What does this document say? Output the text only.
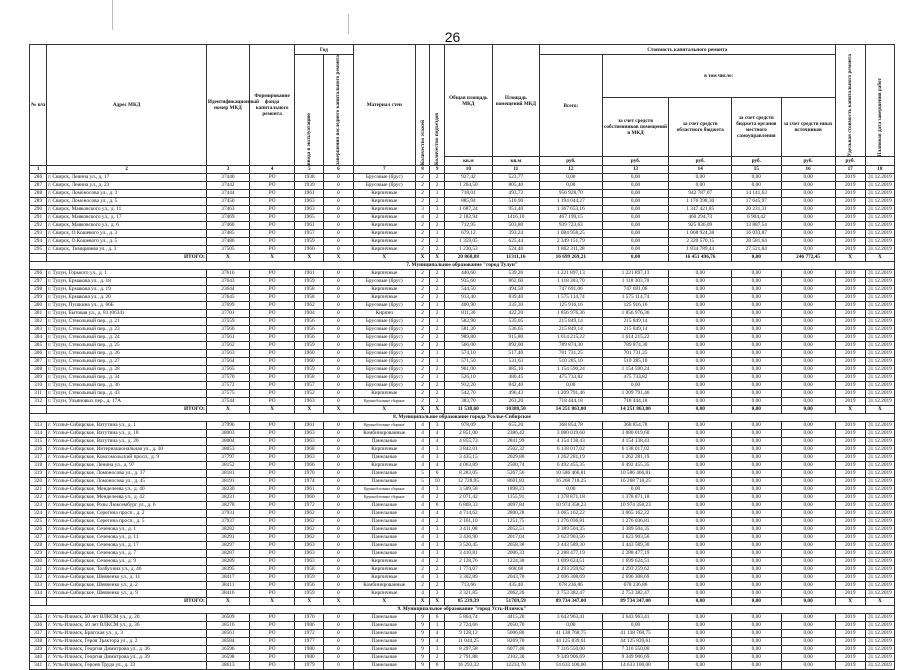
26
№ п/п	Адрес МКД	Идентификационный номер МКД	Формирование фонда капитального ремонта	Год		Материал стен	Количество этажей	Количество подъездов	Общая площадь МКД	Площадь помещений МКД	Стоимость капитального ремонта					Удельная стоимость капитального ремонта	Плановая дата завершения работ

				ввода в эксплуатацию	завершения последнего капитального ремонта						Всего:	в том числе:					
												за счет средств собственников помещений в МКД	за счет средств областного бюджета	за счет средств бюджета органов местного самоуправления	за счет средств иных источников		
									кв.м	кв.м	руб.	руб.	руб.	руб.	руб.	руб.	
1	2	3	4	5	6	7	8	9	10	11	12	13	14	15	16	17	18
286	г. Свирск, Ленина ул., д. 17	37440	РО	1938	0	Брусовые (брус)	2	2	927,42	523,77	0,00	0,00	0,00	0,00	0,00	2019	31.12.2019
287	г. Свирск, Ленина ул., д. 23	37442	РО	1939	0	Брусовые (брус)	2	2	1 264,50	805,40	0,00	0,00	0,00	0,00	0,00	2019	31.12.2019
288	г. Свирск, Ломоносова ул., д. 3	37444	РО	1961	0	Кирпичные	2	1	718,01	493,72	956 928,70	0,00	942 787,07	14 141,63	0,00	2019	31.12.2019
289	г. Свирск, Ломоносова ул., д. 5	37450	РО	1963	0	Кирпичные	2	2	885,94	510,90	1 194 044,27	0,00	1 176 398,30	17 645,97	0,00	2019	31.12.2019
290	г. Свирск, Маяковского ул., д. 11	37463	РО	1963	0	Кирпичные	3	3	1 687,24	951,40	1 367 653,16	0,00	1 347 421,85	20 231,31	0,00	2019	31.12.2019
291	г. Свирск, Маяковского ул., д. 17	37469	РО	1965	0	Кирпичные	4	2	2 182,94	1416,10	467 199,15	0,00	460 294,73	6 904,42	0,00	2019	31.12.2019
292	г. Свирск, Маяковского ул., д. 6	37460	РО	1961	0	Кирпичные	2	2	712,95	503,80	939 723,63	0,00	925 836,09	13 887,54	0,00	2019	31.12.2019
293	г. Свирск, О.Кошевого ул., д. 3	37485	РО	1957	0	Кирпичные	2	1	679,12	393,24	1 084 958,25	0,00	1 068 924,38	16 033,87	0,00	2019	31.12.2019
294	г. Свирск, О.Кошевого ул., д. 5	37486	РО	1959	0	Кирпичные	2	2	1 359,05	625,44	2 349 151,79	0,00	2 320 570,15	28 581,64	0,00	2019	31.12.2019
295	г. Свирск, Тимирязева ул., д. 3	37505	РО	1960	0	Кирпичные	2	2	1 230,53	524,40	1 862 311,28	0,00	1 834 789,44	27 521,84	0,00	2019	31.12.2019
	ИТОГО:	X	X	X	X	X	X	X	20 868,88	11311,16	16 699 269,21	0,00	16 451 496,76	0,00	246 772,45	X	X
7. Муниципальное образование "город Тулун"																	
296	г. Тулун, Горького ул., д. 1	37616	РО	1961	0	Кирпичные	2	2	440,60	539,20	1 221 897,13	1 221 897,13	0,00	0,00	0,00	2019	31.12.2019
297	г. Тулун, Ермакова ул., д. 18	37643	РО	1959	0	Брусовые (брус)	2	2	935,60	862,60	1 118 303,70	1 118 303,70	0,00	0,00	0,00	2019	31.12.2019
298	г. Тулун, Ермакова ул., д. 19	23644	РО	1958	0	Кирпичные	2	2	544,50	494,50	747 691,06	747 691,06	0,00	0,00	0,00	2019	31.12.2019
299	г. Тулун, Ермакова ул., д. 20	37645	РО	1958	0	Кирпичные	2	2	913,40	839,40	1 575 114,74	1 575 114,74	0,00	0,00	0,00	2019	31.12.2019
300	г. Тулун, Пушкина ул., д. 66Б	37699	РО	1962	0	Брусовые (брус)	2	1	400,90	335,30	125 916,16	125 916,16	0,00	0,00	0,00	2019	31.12.2019
301	г. Тулун, Бытовая ул., д. 81 (0634)	37701	РО	1904	0	Кирпич	2	2	811,30	422,20	1 856 976,36	1 856 976,36	0,00	0,00	0,00	2019	31.12.2019
302	г. Тулун, Стекольный пер., д. 21	37559	РО	1956	0	Брусовые (брус)	2	1	582,90	535,05	215 849,14	215 849,14	0,00	0,00	0,00	2019	31.12.2019
303	г. Тулун, Стекольный пер., д. 23	37560	РО	1956	0	Брусовые (брус)	2	2	581,30	536,65	215 849,14	215 849,14	0,00	0,00	0,00	2019	31.12.2019
304	г. Тулун, Стекольный пер., д. 24	37561	РО	1956	0	Брусовые (брус)	2	2	989,80	915,80	1 614 215,22	1 614 215,22	0,00	0,00	0,00	2019	31.12.2019
305	г. Тулун, Стекольный пер., д. 25	37562	РО	1959	0	Брусовые (брус)	2	2	566,00	892,00	789 874,30	789 874,30	0,00	0,00	0,00	2019	31.12.2019
306	г. Тулун, Стекольный пер., д. 26	37563	РО	1960	0	Брусовые (брус)	2	1	574,10	517,40	701 731,25	701 731,25	0,00	0,00	0,00	2019	31.12.2019
307	г. Тулун, Стекольный пер., д. 27	37564	РО	1960	0	Брусовые (брус)	2	1	571,50	531,63	510 285,10	510 285,10	0,00	0,00	0,00	2019	31.12.2019
308	г. Тулун, Стекольный пер., д. 28	37565	РО	1959	0	Брусовые (брус)	2	2	961,00	885,10	1 154 590,24	1 154 590,24	0,00	0,00	0,00	2019	31.12.2019
309	г. Тулун, Стекольный пер., д. 34	37570	РО	1958	0	Брусовые (брус)	2	1	526,10	480,45	475 733,82	475 733,82	0,00	0,00	0,00	2019	31.12.2019
310	г. Тулун, Стекольный пер., д. 36	37572	РО	1957	0	Брусовые (брус)	2	2	912,20	842,40	0,00	0,00	0,00	0,00	0,00	2019	31.12.2019
311	г. Тулун, Стекольный пер., д. 43	37575	РО	1952	0	Кирпичные	2	2	542,70	496,43	1 209 791,46	1 209 791,46	0,00	0,00	0,00	2019	31.12.2019
312	г. Тулун, Ульяновых пер., д. 17А	37544	РО	1963	0	Крупноблочные сборные	2	2	383,70	263,20	718 444,18	718 444,18	0,00	0,00	0,00	2019	31.12.2019
	ИТОГО:	X	X	X	X	X	X	X	11 538,60	10380,50	14 251 863,00	14 251 863,00	0,00	0,00	0,00	X	X
8. Муниципальное образование города Усолье-Сибирское																	
313	г. Усолье-Сибирское, Ватутина ул., д. 1	37996	РО	1961	0	Крупноблочные сборные	4	3	978,09	655,20	368 854,78	368 854,78	0,00	0,00	0,00	2019	31.12.2019
314	г. Усолье-Сибирское, Ватутина ул., д. 18	38003	РО	1963	0	Комбинированные	4	4	2 851,00	2386,42	3 080 019,60	3 080 019,60	0,00	0,00	0,00	2019	31.12.2019
315	г. Усолье-Сибирское, Ватутина ул., д. 20	38004	РО	1963	0	Панельные	4	4	4 855,73	2841,99	4 154 138,43	4 154 138,43	0,00	0,00	0,00	2019	31.12.2019
316	г. Усолье-Сибирское, Интернациональная ул., д. 30	38053	РО	1968	0	Кирпичные	4	3	3 842,01	2502,32	6 138 017,02	6 138 017,02	0,00	0,00	0,00	2019	31.12.2019
317	г. Усолье-Сибирское, Комсомольский просп., д. 9	37797	РО	1963	0	Панельные	4	3	3 435,15	2029,86	1 262 281,19	1 262 281,19	0,00	0,00	0,00	2019	31.12.2019
318	г. Усолье-Сибирское, Ленина ул., д. 97	38152	РО	1966	0	Кирпичные	4	4	4 063,89	2500,74	6 492 455,35	6 492 455,35	0,00	0,00	0,00	2019	31.12.2019
319	г. Усолье-Сибирское, Ломоносова ул., д. 37	38181	РО	1970	0	Панельные	5	6	8 283,05	5267,56	10 586 466,81	10 586 466,81	0,00	0,00	0,00	2019	31.12.2019
320	г. Усолье-Сибирское, Ломоносова ул., д. 45	38191	РО	1974	0	Панельные	5	10	12 728,95	8601,83	16 268 718,25	16 268 718,25	0,00	0,00	0,00	2019	31.12.2019
321	г. Усолье-Сибирское, Менделеева ул., д. 40	38230	РО	1961	0	Крупноблочные сборные	4	3	3 509,58	1898,23	0,00	0,00	0,00	0,00	0,00	2019	31.12.2019
322	г. Усолье-Сибирское, Менделеева ул., д. 42	38231	РО	1960	0	Крупноблочные сборные	4	2	2 071,42	1155,91	1 378 871,18	1 378 871,18	0,00	0,00	0,00	2019	31.12.2019
323	г. Усолье-Сибирское, Розы Люксембург ул., д. 6	38278	РО	1972	0	Панельные	4	6	6 869,33	4097,84	10 974 358,23	10 974 358,23	0,00	0,00	0,00	2019	31.12.2019
324	г. Усолье-Сибирское, Серегина просп., д. 2	37931	РО	1962	0	Панельные	4	4	4 714,62	2800,28	3 065 162,22	3 065 162,22	0,00	0,00	0,00	2019	31.12.2019
325	г. Усолье-Сибирское, Серегина просп., д. 5	37937	РО	1962	0	Панельные	4	2	2 161,10	1251,75	1 276 036,81	1 276 036,81	0,00	0,00	0,00	2019	31.12.2019
326	г. Усолье-Сибирское, Сеченова ул., д. 1	38282	РО	1962	0	Панельные	4	3	3 411,08	2052,51	3 389 504,35	3 389 504,35	0,00	0,00	0,00	2019	31.12.2019
327	г. Усолье-Сибирское, Сеченова ул., д. 11	38291	РО	1962	0	Панельные	4	3	3 436,90	2017,04	3 623 903,56	3 623 903,56	0,00	0,00	0,00	2019	31.12.2019
328	г. Усолье-Сибирское, Сеченова ул., д. 17	38297	РО	1963	0	Панельные	4	3	3 520,45	2058,38	3 443 589,30	3 443 589,30	0,00	0,00	0,00	2019	31.12.2019
329	г. Усолье-Сибирское, Сеченова ул., д. 7	38287	РО	1963	0	Панельные	4	3	3 410,81	2006,33	2 288 477,19	2 288 477,19	0,00	0,00	0,00	2019	31.12.2019
330	г. Усолье-Сибирское, Сеченова ул., д. 9	38289	РО	1963	0	Кирпичные	4	2	2 128,76	1224,38	1 699 624,51	1 699 624,51	0,00	0,00	0,00	2019	31.12.2019
331	г. Усолье-Сибирское, Толбухина ул., д. 46	38395	РО	1958	0	Кирпичные	2	2	1 774,07	668,68	4 293 259,62	4 293 259,62	0,00	0,00	0,00	2019	31.12.2019
332	г. Усолье-Сибирское, Шевченко ул., д. 11	38417	РО	1959	0	Кирпичные	4	3	3 302,89	2043,70	2 696 308,69	2 696 308,69	0,00	0,00	0,00	2019	31.12.2019
333	г. Усолье-Сибирское, Шевченко ул., д. 2	38411	РО	1956	0	Комбинированные	2	2	713,66	435,40	678 236,86	678 236,86	0,00	0,00	0,00	2019	31.12.2019
334	г. Усолье-Сибирское, Шевченко ул., д. 9	38416	РО	1959	0	Кирпичные	4	3	3 321,85	2062,26	2 753 382,47	2 753 382,47	0,00	0,00	0,00	2019	31.12.2019
	ИТОГО:	X	X	X	X	X	X	X	85 239,39	51769,59	89 734 347,00	89 734 347,00	0,00	0,00	0,00	X	X
9. Муниципальное образование "город Усть-Илимск"																	
335	г. Усть-Илимск, 50 лет ВЛКСМ ул., д. 20	36509	РО	1970	0	Панельные	9	6	5 864,74	4415,20	3 643 963,41	3 643 963,41	0,00	0,00	0,00	2019	31.12.2019
336	г. Усть-Илимск, 50 лет ВЛКСМ ул., д. 36	38516	РО	1986	0	Панельные	9	1	2 724,66	2050,70	0,00	0,00	0,00	0,00	0,00	2019	31.12.2019
337	г. Усть-Илимск, Братская ул., д. 3	38561	РО	1972	0	Панельные	9	4	9 128,12	5006,80	41 138 768,75	41 138 768,75	0,00	0,00	0,00	2019	31.12.2019
338	г. Усть-Илимск, Героя Трактора ул., д. 2	38584	РО	1977	0	Панельные	9	4	11 044,25	8209,70	44 125 839,61	44 125 839,61	0,00	0,00	0,00	2019	31.12.2019
339	г. Усть-Илимск, Георгия Димитрова ул., д. 36	36596	РО	1980	0	Панельные	9	3	8 297,58	6077,40	7 316 550,00	7 316 550,00	0,00	0,00	0,00	2019	31.12.2019
340	г. Усть-Илимск, Георгия Димитрова ул., д. 39	36598	РО	1980	0	Панельные	9	2	2 791,88	2102,30	9 349 906,69	9 349 906,69	0,00	0,00	0,00	2019	31.12.2019
341	г. Усть-Илимск, Героев Труда ул., д. 33	38613	РО	1979	0	Панельные	9	6	16 293,32	12233,70	14 633 100,00	14 633 100,00	0,00	0,00	0,00	2019	31.12.2019
